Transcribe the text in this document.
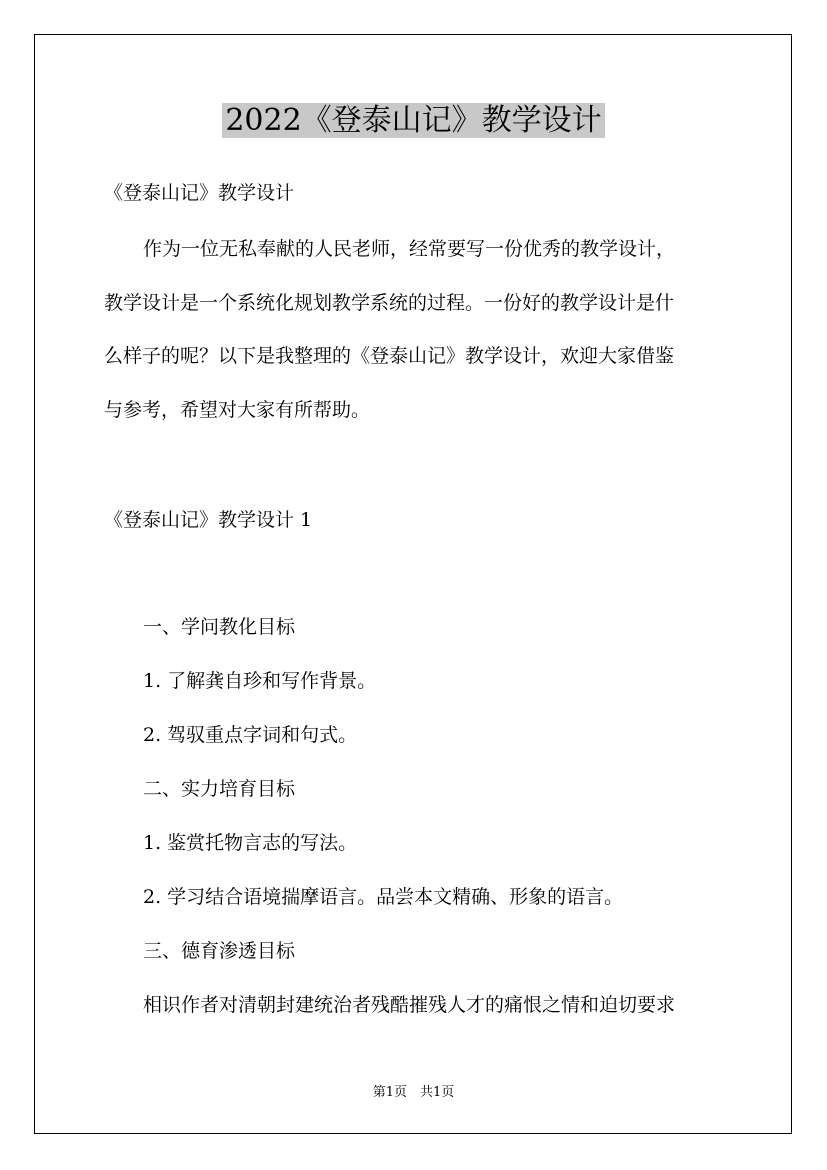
2022《登泰山记》教学设计
《登泰山记》教学设计
作为一位无私奉献的人民老师，经常要写一份优秀的教学设计，
教学设计是一个系统化规划教学系统的过程。一份好的教学设计是什
么样子的呢？以下是我整理的《登泰山记》教学设计，欢迎大家借鉴
与参考，希望对大家有所帮助。
《登泰山记》教学设计 1
一、学问教化目标
1. 了解龚自珍和写作背景。
2. 驾驭重点字词和句式。
二、实力培育目标
1. 鉴赏托物言志的写法。
2. 学习结合语境揣摩语言。品尝本文精确、形象的语言。
三、德育渗透目标
相识作者对清朝封建统治者残酷摧残人才的痛恨之情和迫切要求
第1页　共1页
